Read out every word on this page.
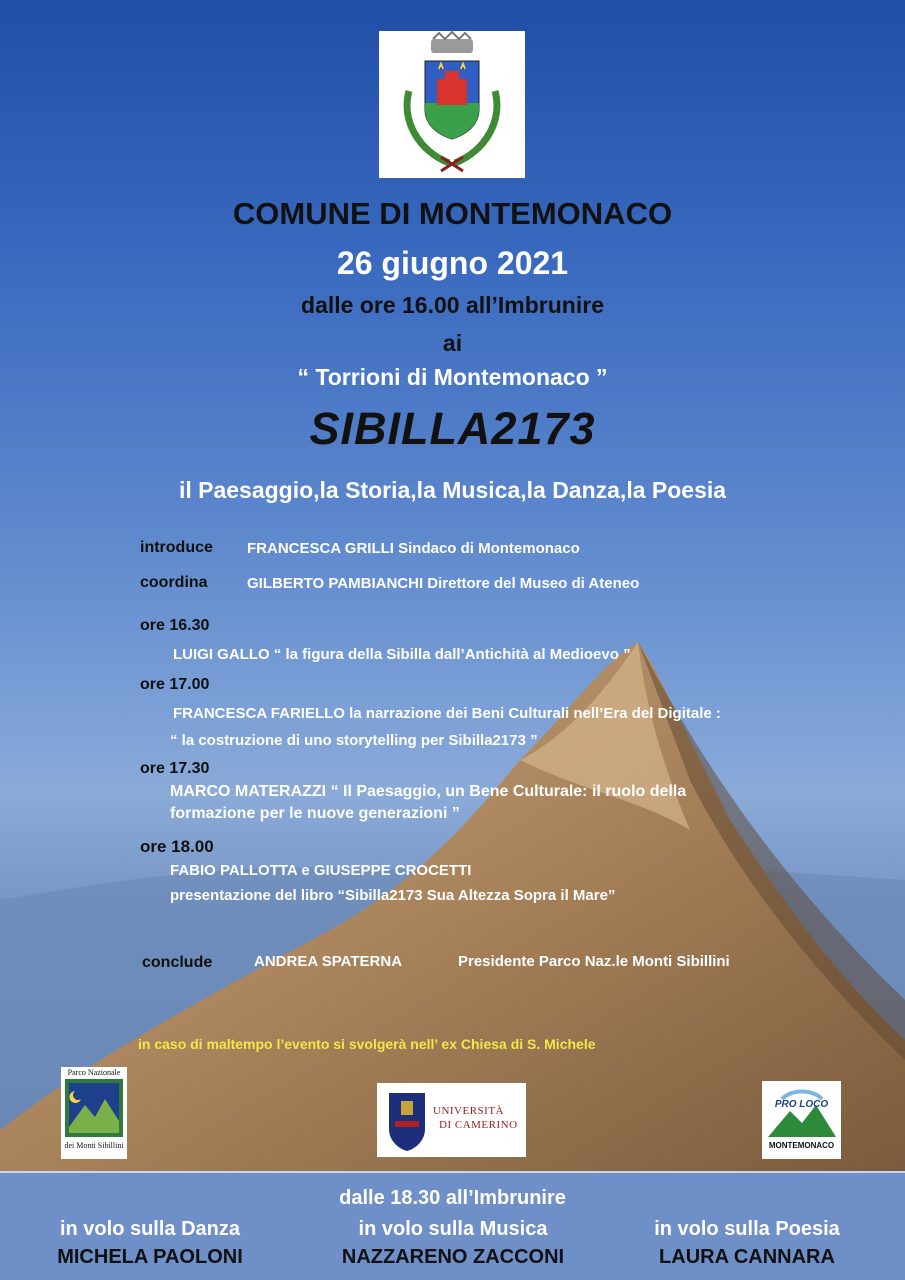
COMUNE DI MONTEMONACO
26 giugno 2021
dalle ore 16.00 all’Imbrunire
ai
“ Torrioni di Montemonaco ”
SIBILLA2173
il Paesaggio,la Storia,la Musica,la Danza,la Poesia
introduce FRANCESCA GRILLI Sindaco di Montemonaco
coordina	GILBERTO PAMBIANCHI Direttore del Museo di Ateneo
ore 16.30
LUIGI GALLO “ la figura della Sibilla dall’Antichità al Medioevo ”
ore 17.00
FRANCESCA FARIELLO la narrazione dei Beni Culturali nell’Era del Digitale :
“ la costruzione di uno storytelling per Sibilla2173 ”
ore 17.30
MARCO MATERAZZI “ Il Paesaggio, un Bene Culturale: il ruolo della
formazione per le nuove generazioni ”
ore 18.00
FABIO PALLOTTA e GIUSEPPE CROCETTI
presentazione del libro “Sibilla2173 Sua Altezza Sopra il Mare”
conclude	ANDREA SPATERNA	Presidente Parco Naz.le Monti Sibillini
in caso di maltempo l’evento si svolgerà nell’ ex Chiesa di S. Michele
Parco Nazionale
dei Monti Sibillini
UNIVERSITÀ
DI CAMERINO
PRO LOCO
MONTEMONACO
dalle 18.30 all’Imbrunire
in volo sulla Danza
MICHELA PAOLONI
in volo sulla Musica
NAZZARENO ZACCONI
in volo sulla Poesia
LAURA CANNARA
